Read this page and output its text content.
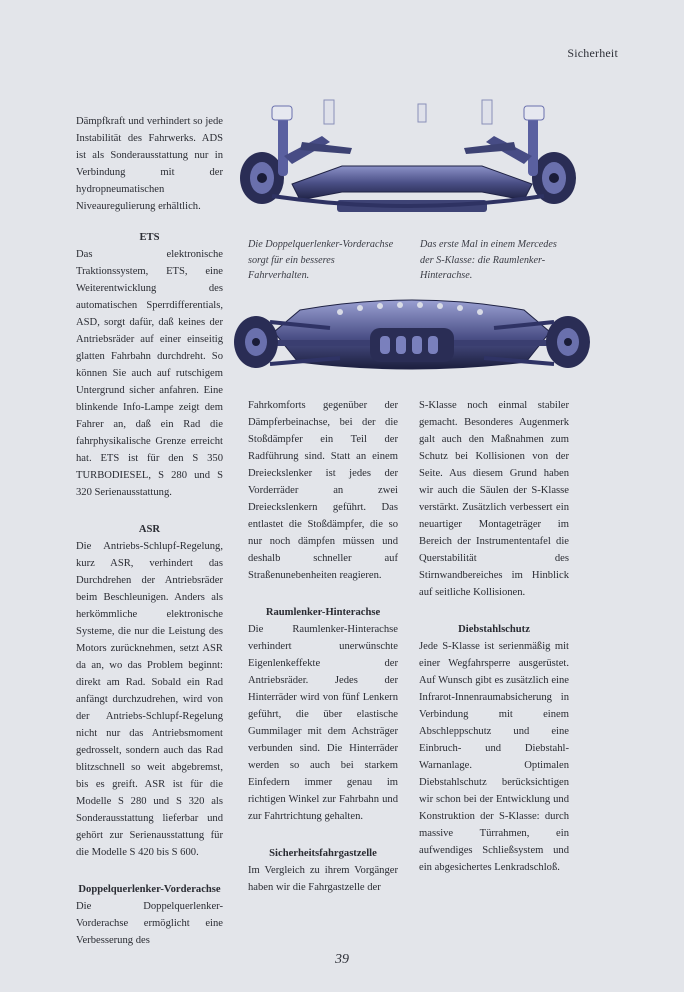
Sicherheit

Dämpfkraft und verhindert so jede Instabilität des Fahrwerks. ADS ist als Sonderausstattung nur in Verbindung mit der hydropneumatischen Niveauregulierung erhältlich.

ETS

Das elektronische Traktionssystem, ETS, eine Weiterentwicklung des automatischen Sperrdifferentials, ASD, sorgt dafür, daß keines der Antriebsräder auf einer einseitig glatten Fahrbahn durchdreht. So können Sie auch auf rutschigem Untergrund sicher anfahren. Eine blinkende Info-Lampe zeigt dem Fahrer an, daß ein Rad die fahrphysikalische Grenze erreicht hat. ETS ist für den S 350 TURBODIESEL, S 280 und S 320 Serienausstattung.

ASR

Die Antriebs-Schlupf-Regelung, kurz ASR, verhindert das Durchdrehen der Antriebsräder beim Beschleunigen. Anders als herkömmliche elektronische Systeme, die nur die Leistung des Motors zurücknehmen, setzt ASR da an, wo das Problem beginnt: direkt am Rad. Sobald ein Rad anfängt durchzudrehen, wird von der Antriebs-Schlupf-Regelung nicht nur das Antriebsmoment gedrosselt, sondern auch das Rad blitzschnell so weit abgebremst, bis es greift. ASR ist für die Modelle S 280 und S 320 als Sonderausstattung lieferbar und gehört zur Serienausstattung für die Modelle S 420 bis S 600.

Doppelquerlenker-Vorderachse

Die Doppelquerlenker-Vorderachse ermöglicht eine Verbesserung des

Die Doppelquerlenker-Vorderachse sorgt für ein besseres Fahrverhalten.
Das erste Mal in einem Mercedes der S-Klasse: die Raumlenker-Hinterachse.

Fahrkomforts gegenüber der Dämpferbeinachse, bei der die Stoßdämpfer ein Teil der Radführung sind. Statt an einem Dreieckslenker ist jedes der Vorderräder an zwei Dreieckslenkern geführt. Das entlastet die Stoßdämpfer, die so nur noch dämpfen müssen und deshalb schneller auf Straßenunebenheiten reagieren.

Raumlenker-Hinterachse

Die Raumlenker-Hinterachse verhindert unerwünschte Eigenlenkeffekte der Antriebsräder. Jedes der Hinterräder wird von fünf Lenkern geführt, die über elastische Gummilager mit dem Achsträger verbunden sind. Die Hinterräder werden so auch bei starkem Einfedern immer genau im richtigen Winkel zur Fahrbahn und zur Fahrtrichtung gehalten.

Sicherheitsfahrgastzelle

Im Vergleich zu ihrem Vorgänger haben wir die Fahrgastzelle der

S-Klasse noch einmal stabiler gemacht. Besonderes Augenmerk galt auch den Maßnahmen zum Schutz bei Kollisionen von der Seite. Aus diesem Grund haben wir auch die Säulen der S-Klasse verstärkt. Zusätzlich verbessert ein neuartiger Montageträger im Bereich der Instrumententafel die Querstabilität des Stirnwandbereiches im Hinblick auf seitliche Kollisionen.

Diebstahlschutz

Jede S-Klasse ist serienmäßig mit einer Wegfahrsperre ausgerüstet. Auf Wunsch gibt es zusätzlich eine Infrarot-Innenraumabsicherung in Verbindung mit einem Abschleppschutz und eine Einbruch- und Diebstahl-Warnanlage. Optimalen Diebstahlschutz berücksichtigen wir schon bei der Entwicklung und Konstruktion der S-Klasse: durch massive Türrahmen, ein aufwendiges Schließsystem und ein abgesichertes Lenkradschloß.

39
